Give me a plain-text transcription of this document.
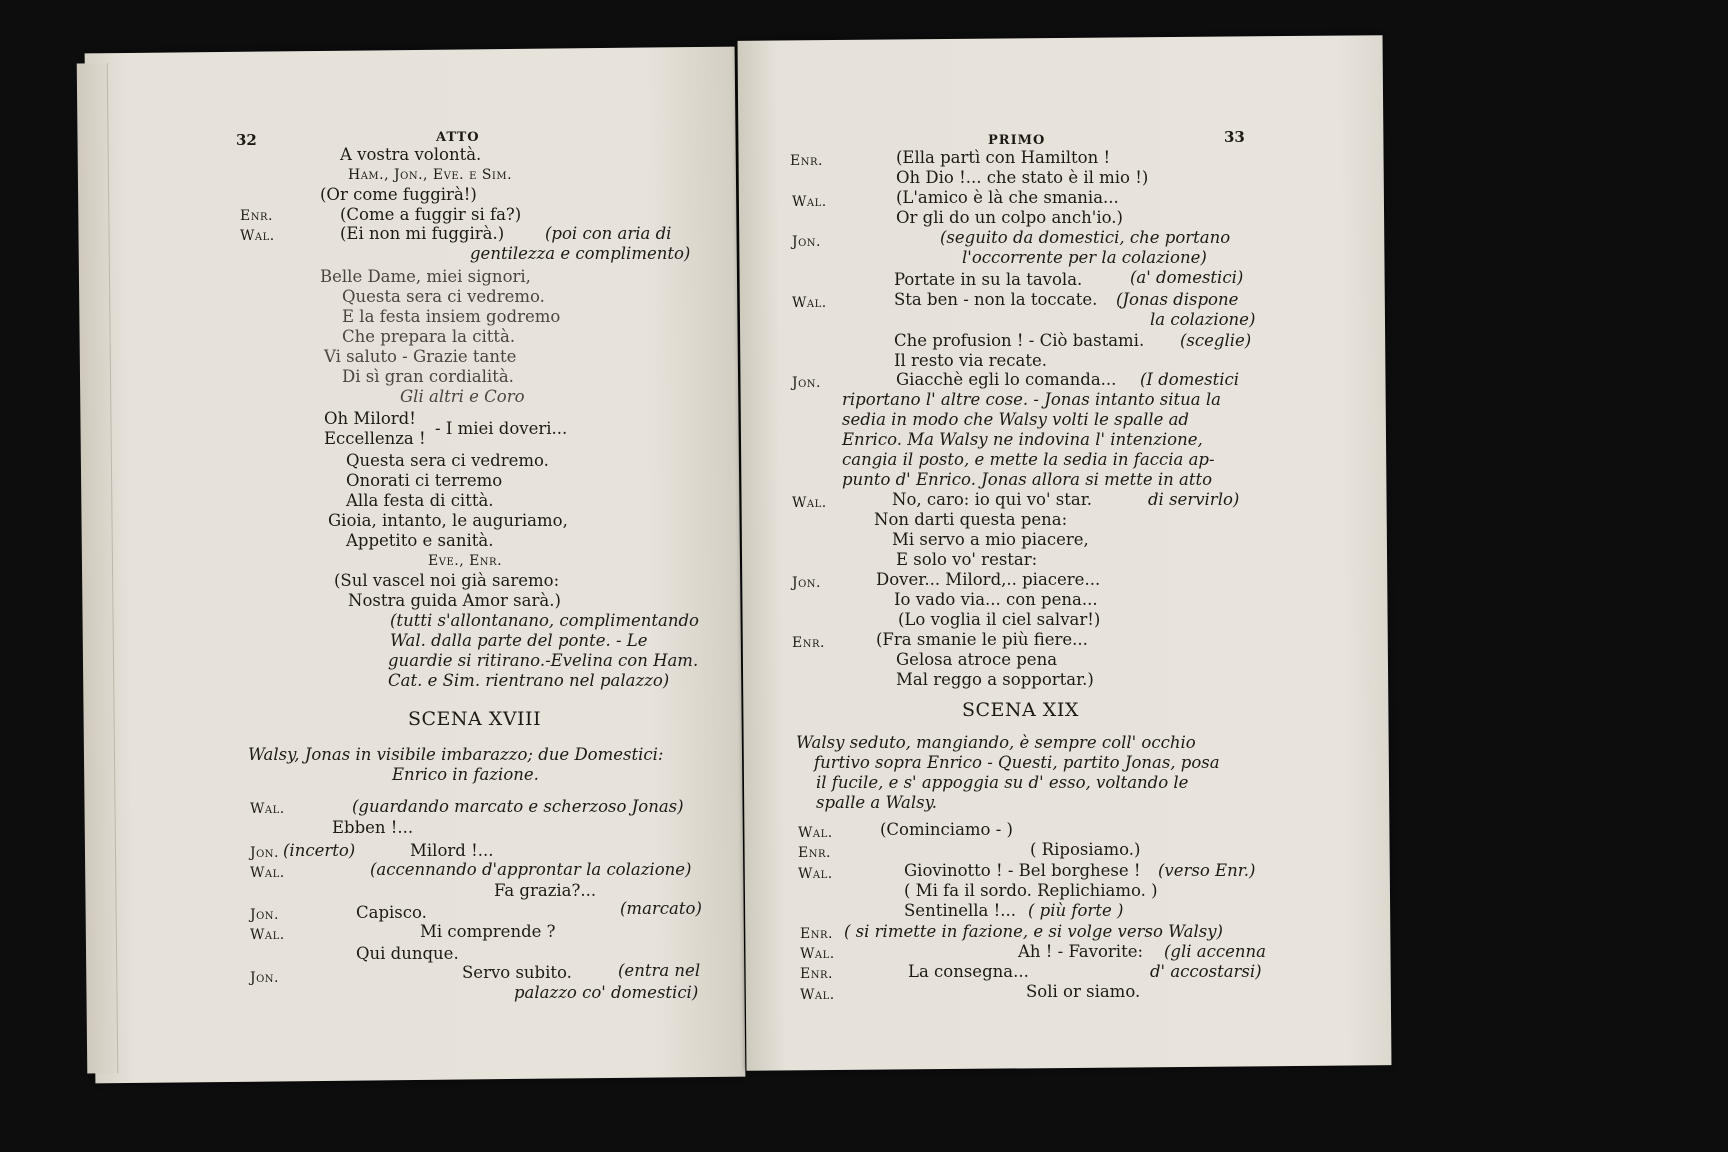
32	ATTO	PRIMO	33
A vostra volontà.
Ham., Jon., Eve. e Sim.
(Or come fuggirà!)
Enr.	(Come a fuggir si fa?)
Wal.	(Ei non mi fuggirà.) (poi con aria di
gentilezza e complimento)
Belle Dame, miei signori,
Questa sera ci vedremo.
E la festa insiem godremo
Che prepara la città.
Vi saluto - Grazie tante
Di sì gran cordialità.
Gli altri e Coro
Oh Milord!
- I miei doveri...
Eccellenza !
Questa sera ci vedremo.
Onorati ci terremo
Alla festa di città.
Gioia, intanto, le auguriamo,
Appetito e sanità.
Eve., Enr.
(Sul vascel noi già saremo:
Nostra guida Amor sarà.)
(tutti s'allontanano, complimentando
Wal. dalla parte del ponte. - Le
guardie si ritirano.-Evelina con Ham.
Cat. e Sim. rientrano nel palazzo)
SCENA XVIII
Walsy, Jonas in visibile imbarazzo; due Domestici:
Enrico in fazione.
Wal.	(guardando marcato e scherzoso Jonas)
Ebben !...
Jon. (incerto)	Milord !...
Wal.	(accennando d'approntar la colazione)
Fa grazia?...
Jon.	Capisco.	(marcato)
Wal.	Mi comprende ?
Qui dunque.
Jon.	Servo subito.	(entra nel
palazzo co' domestici)
Enr.	(Ella partì con Hamilton !
Oh Dio !... che stato è il mio !)
Wal.	(L'amico è là che smania...
Or gli do un colpo anch'io.)
Jon.	(seguito da domestici, che portano
l'occorrente per la colazione)
Portate in su la tavola.	(a' domestici)
Wal.	Sta ben - non la toccate. (Jonas dispone
la colazione)
Che profusion ! - Ciò bastami. (sceglie)
Il resto via recate.
Jon.	Giacchè egli lo comanda... (I domestici
riportano l' altre cose. - Jonas intanto situa la
sedia in modo che Walsy volti le spalle ad
Enrico. Ma Walsy ne indovina l' intenzione,
cangia il posto, e mette la sedia in faccia ap-
punto d' Enrico. Jonas allora si mette in atto
Wal.	No, caro: io qui vo' star.	di servirlo)
Non darti questa pena:
Mi servo a mio piacere,
E solo vo' restar:
Jon.	Dover... Milord,.. piacere...
Io vado via... con pena...
(Lo voglia il ciel salvar!)
Enr.	(Fra smanie le più fiere...
Gelosa atroce pena
Mal reggo a sopportar.)
SCENA XIX
Walsy seduto, mangiando, è sempre coll' occhio
furtivo sopra Enrico - Questi, partito Jonas, posa
il fucile, e s' appoggia su d' esso, voltando le
spalle a Walsy.
Wal.	(Cominciamo - )
Enr.	( Riposiamo.)
Wal.	Giovinotto ! - Bel borghese ! (verso Enr.)
( Mi fa il sordo. Replichiamo. )
Sentinella !... ( più forte )
Enr. ( si rimette in fazione, e si volge verso Walsy)
Wal.	Ah ! - Favorite: (gli accenna
Enr.	La consegna...	d' accostarsi)
Wal.	Soli or siamo.
